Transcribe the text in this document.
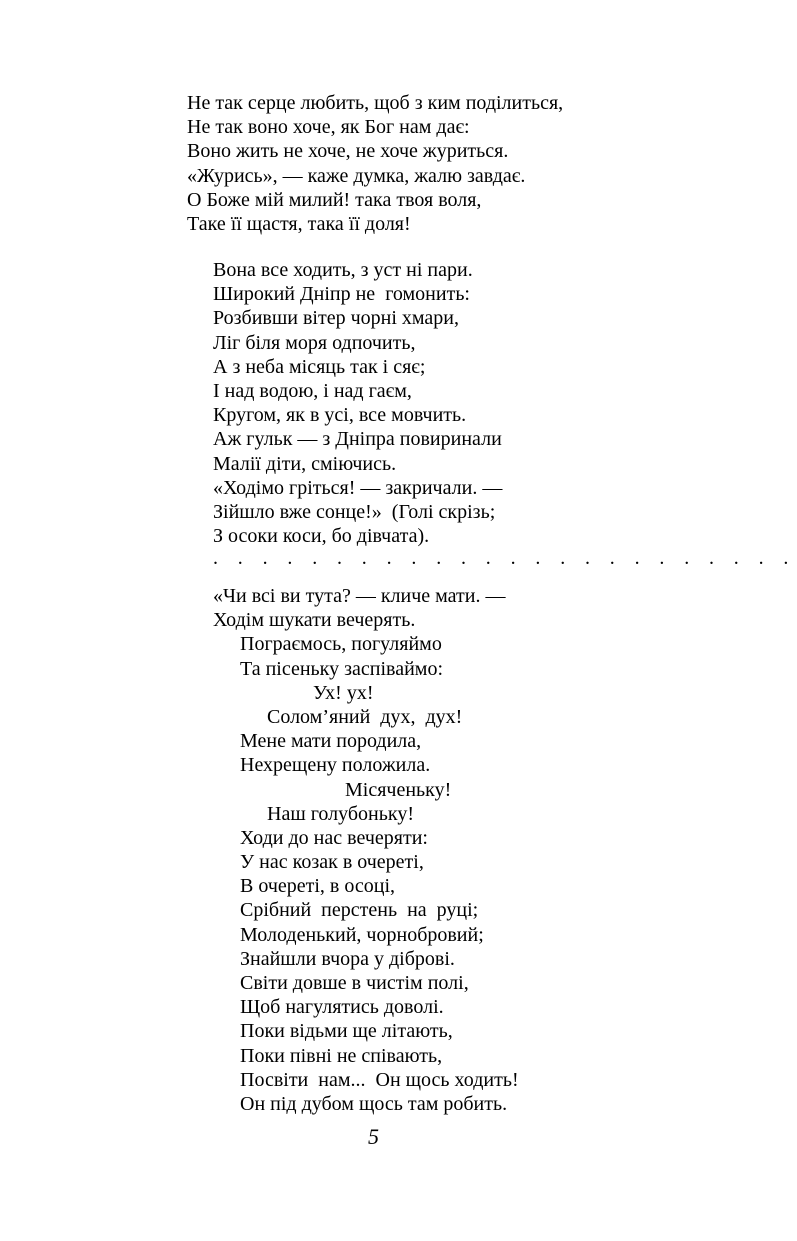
Не так серце любить, щоб з ким поділиться,
Не так воно хоче, як Бог нам дає:
Воно жить не хоче, не хоче журиться.
«Журись», — каже думка, жалю завдає.
О Боже мій милий! така твоя воля,
Таке її щастя, така її доля!
Вона все ходить, з уст ні пари.
Широкий Дніпр не  гомонить:
Розбивши вітер чорні хмари,
Ліг біля моря одпочить,
А з неба місяць так і сяє;
І над водою, і над гаєм,
Кругом, як в усі, все мовчить.
Аж гульк — з Дніпра повиринали
Малії діти, сміючись.
«Ходімо гріться! — закричали. —
Зійшло вже сонце!»  (Голі скрізь;
З осоки коси, бо дівчата).
. . . . . . . . . . . . . . . . . . . . . . . .
«Чи всі ви тута? — кличе мати. —
Ходім шукати вечерять.
Пограємось, погуляймо
Та пісеньку заспіваймо:
Ух! ух!
Солом’яний  дух,  дух!
Мене мати породила,
Нехрещену положила.
Місяченьку!
Наш голубоньку!
Ходи до нас вечеряти:
У нас козак в очереті,
В очереті, в осоці,
Срібний  перстень  на  руці;
Молоденький, чорнобровий;
Знайшли вчора у діброві.
Світи довше в чистім полі,
Щоб нагулятись доволі.
Поки відьми ще літають,
Поки півні не співають,
Посвіти  нам...  Он щось ходить!
Он під дубом щось там робить.
5
